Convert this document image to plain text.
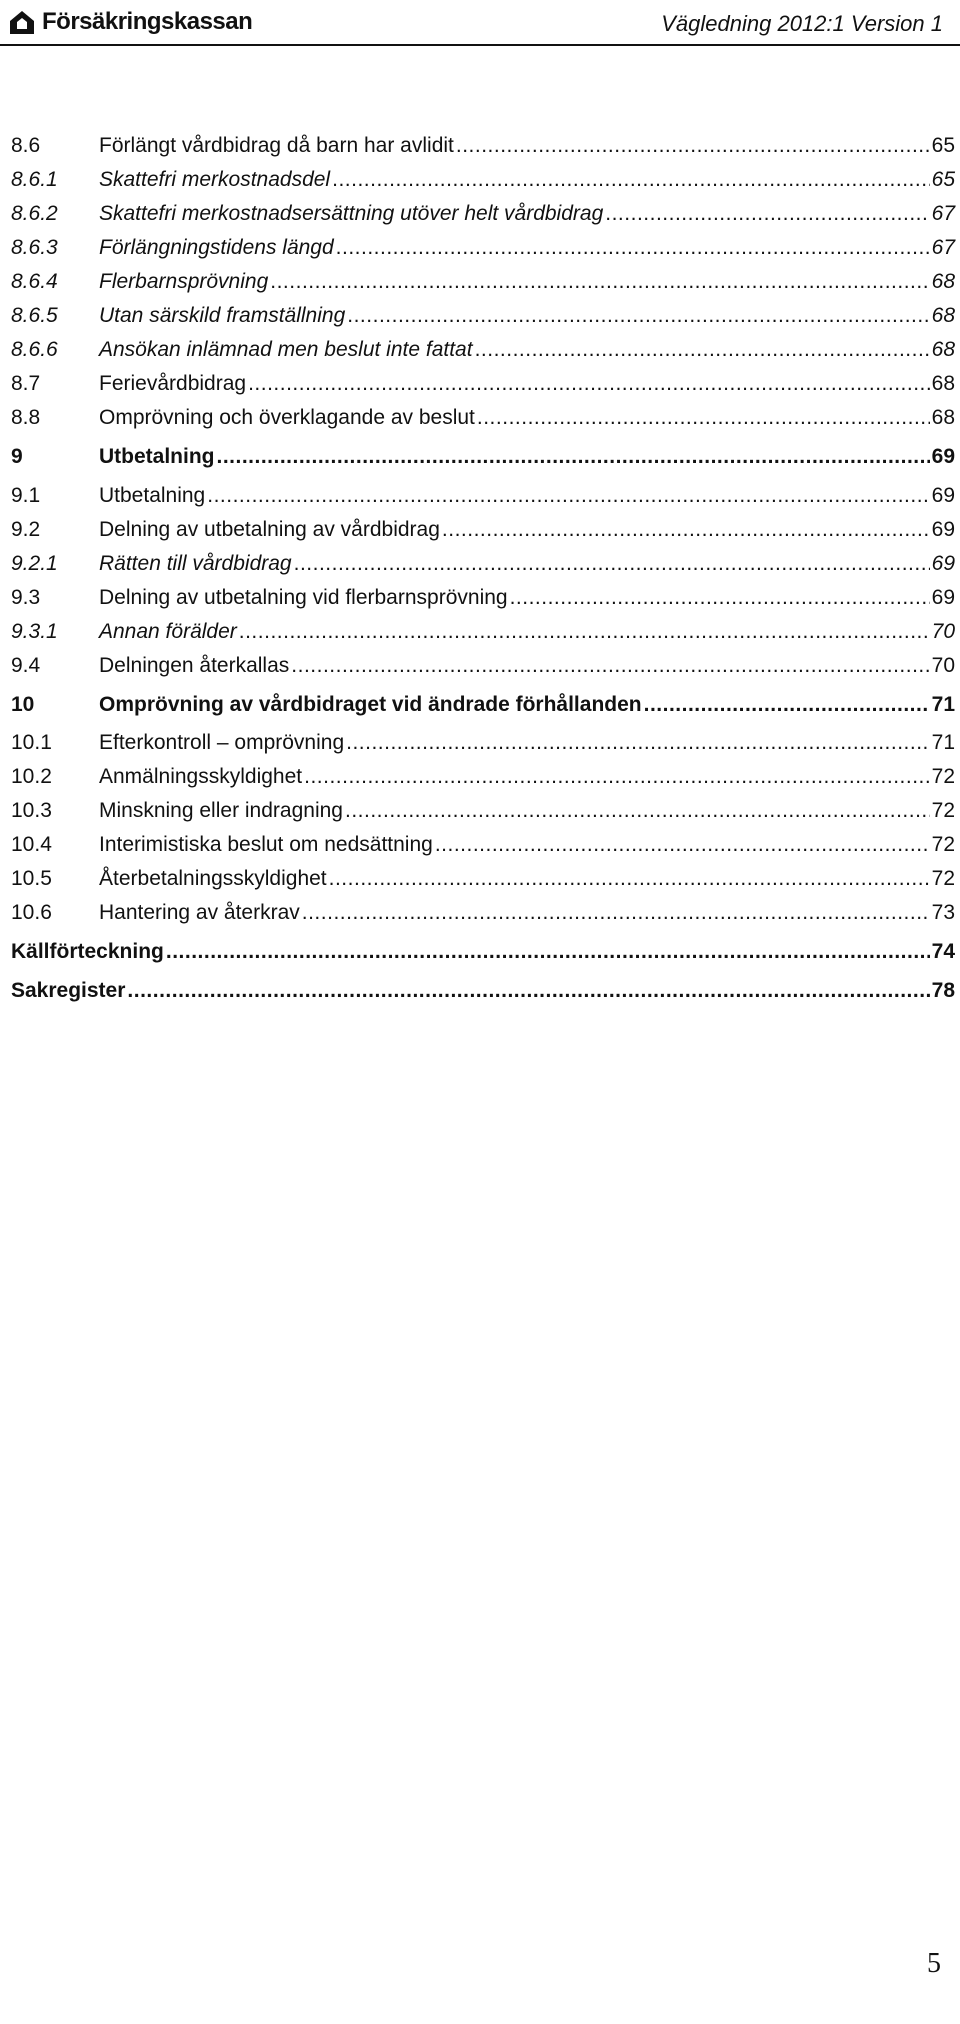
Försäkringskassan	Vägledning 2012:1 Version 1
8.6	Förlängt vårdbidrag då barn har avlidit .....	65
8.6.1	Skattefri merkostnadsdel .....	65
8.6.2	Skattefri merkostnadsersättning utöver helt vårdbidrag .....	67
8.6.3	Förlängningstidens längd .....	67
8.6.4	Flerbarnsprövning .....	68
8.6.5	Utan särskild framställning .....	68
8.6.6	Ansökan inlämnad men beslut inte fattat .....	68
8.7	Ferievårdbidrag .....	68
8.8	Omprövning och överklagande av beslut .....	68
9	Utbetalning .....	69
9.1	Utbetalning .....	69
9.2	Delning av utbetalning av vårdbidrag .....	69
9.2.1	Rätten till vårdbidrag .....	69
9.3	Delning av utbetalning vid flerbarnsprövning .....	69
9.3.1	Annan förälder .....	70
9.4	Delningen återkallas .....	70
10	Omprövning av vårdbidraget vid ändrade förhållanden .....	71
10.1	Efterkontroll – omprövning .....	71
10.2	Anmälningsskyldighet .....	72
10.3	Minskning eller indragning .....	72
10.4	Interimistiska beslut om nedsättning .....	72
10.5	Återbetalningsskyldighet .....	72
10.6	Hantering av återkrav .....	73
Källförteckning .....	74
Sakregister .....	78
5
